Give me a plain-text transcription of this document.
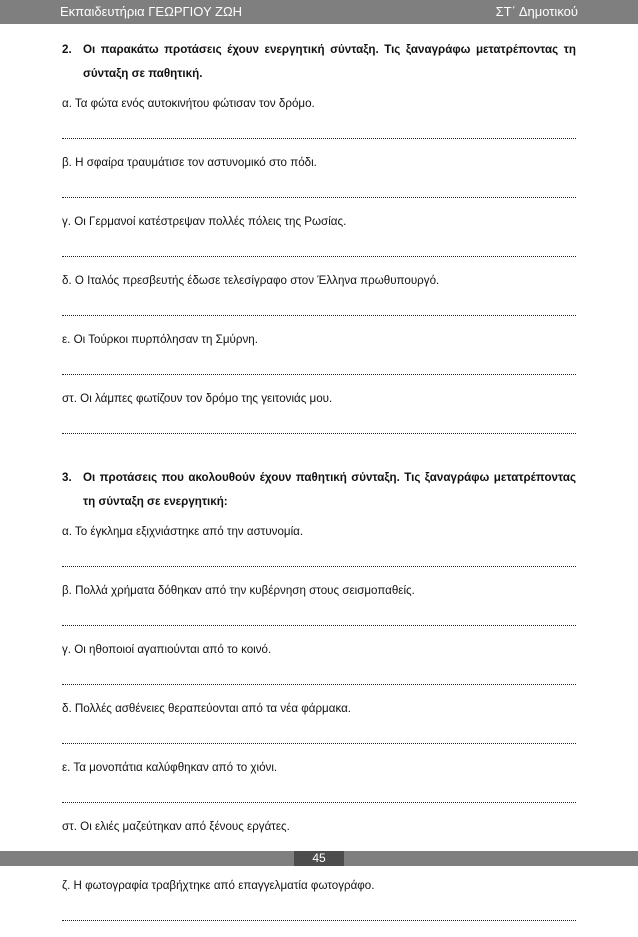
Εκπαιδευτήρια ΓΕΩΡΓΙΟΥ ΖΩΗ	ΣΤ΄ Δημοτικού
2. Οι παρακάτω προτάσεις έχουν ενεργητική σύνταξη. Τις ξαναγράφω μετατρέποντας τη σύνταξη σε παθητική.
α. Τα φώτα ενός αυτοκινήτου φώτισαν τον δρόμο.
β. Η σφαίρα τραυμάτισε τον αστυνομικό στο πόδι.
γ. Οι Γερμανοί κατέστρεψαν πολλές πόλεις της Ρωσίας.
δ. Ο Ιταλός πρεσβευτής έδωσε τελεσίγραφο στον Έλληνα πρωθυπουργό.
ε. Οι Τούρκοι πυρπόλησαν τη Σμύρνη.
στ. Οι λάμπες φωτίζουν τον δρόμο της γειτονιάς μου.
3. Οι προτάσεις που ακολουθούν έχουν παθητική σύνταξη. Τις ξαναγράφω μετατρέποντας τη σύνταξη σε ενεργητική:
α. Το έγκλημα εξιχνιάστηκε από την αστυνομία.
β. Πολλά χρήματα δόθηκαν από την κυβέρνηση στους σεισμοπαθείς.
γ. Οι ηθοποιοί αγαπιούνται από το κοινό.
δ. Πολλές ασθένειες θεραπεύονται από τα νέα φάρμακα.
ε. Τα μονοπάτια καλύφθηκαν από το χιόνι.
στ. Οι ελιές μαζεύτηκαν από ξένους εργάτες.
ζ. Η φωτογραφία τραβήχτηκε από επαγγελματία φωτογράφο.
45
